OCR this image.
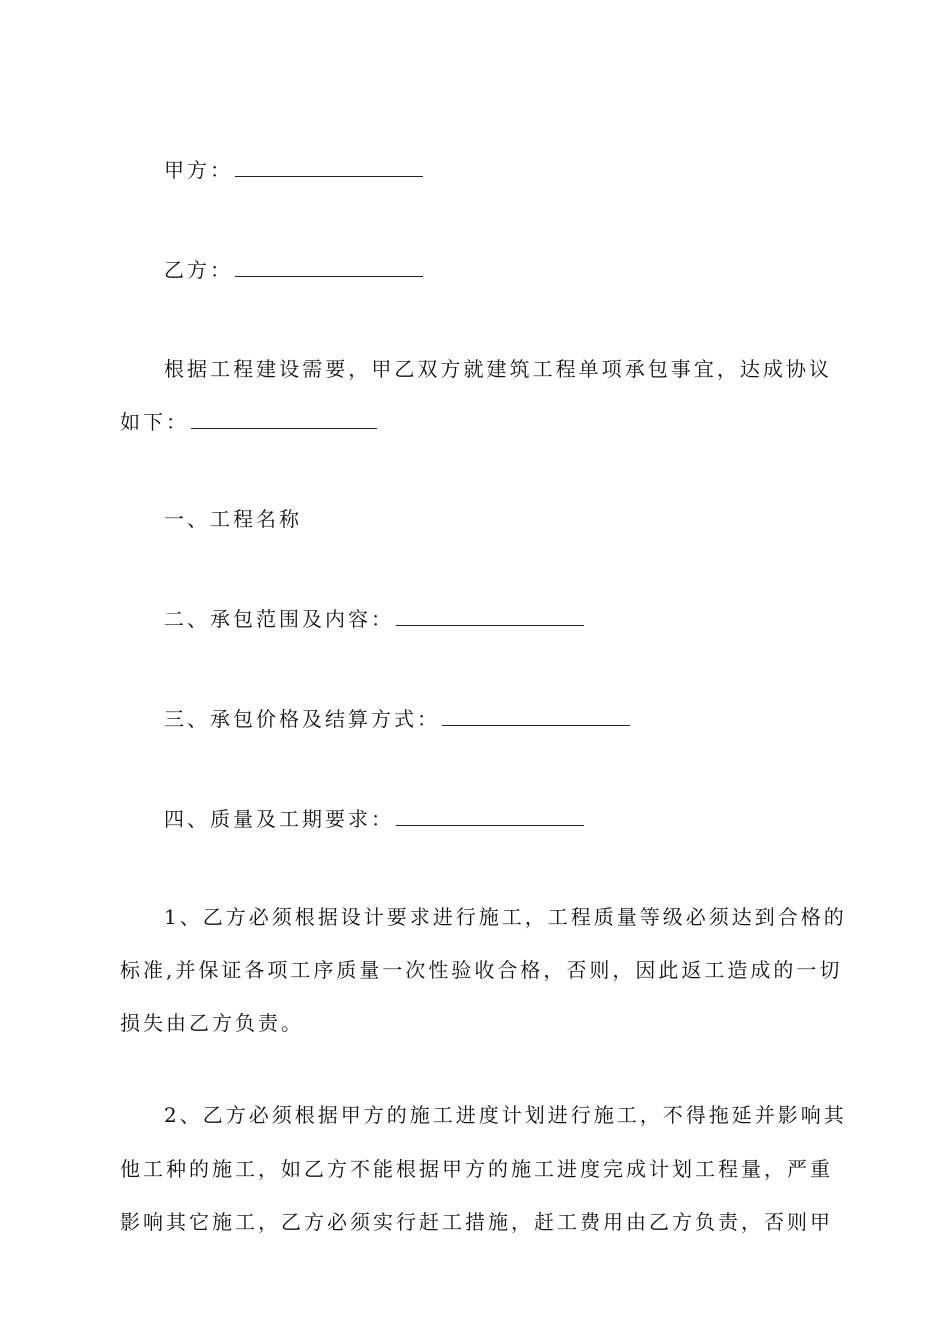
甲方：

乙方：

根据工程建设需要，甲乙双方就建筑工程单项承包事宜，达成协议

如下：

一、工程名称

二、承包范围及内容：

三、承包价格及结算方式：

四、质量及工期要求：

1、乙方必须根据设计要求进行施工，工程质量等级必须达到合格的

标准,并保证各项工序质量一次性验收合格，否则，因此返工造成的一切

损失由乙方负责。

2、乙方必须根据甲方的施工进度计划进行施工，不得拖延并影响其

他工种的施工，如乙方不能根据甲方的施工进度完成计划工程量，严重

影响其它施工，乙方必须实行赶工措施，赶工费用由乙方负责，否则甲
